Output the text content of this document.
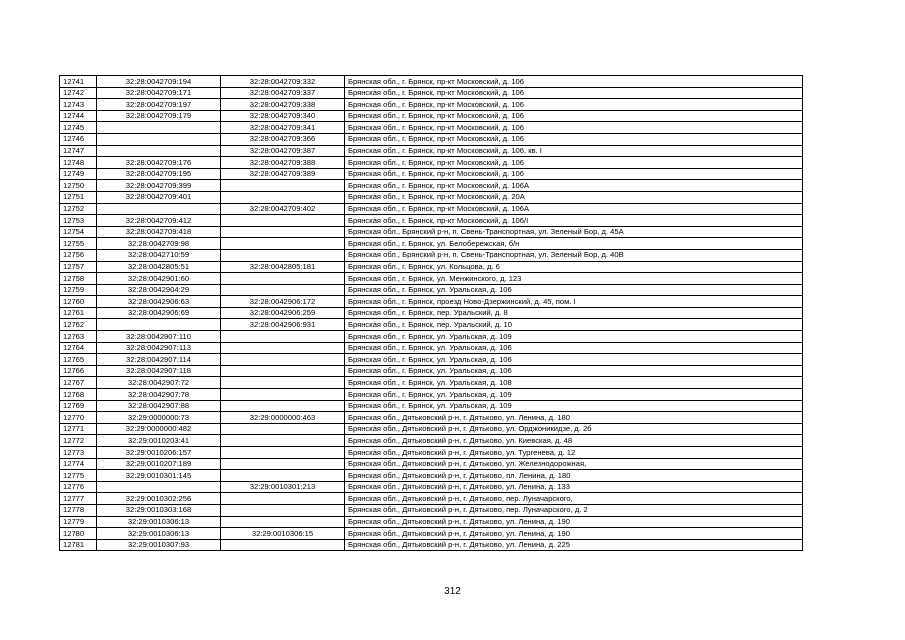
12741	32:28:0042709:194	32:28:0042709:332	Брянская обл., г. Брянск, пр-кт Московский, д. 106
12742	32:28:0042709:171	32:28:0042709:337	Брянская обл., г. Брянск, пр-кт Московский, д. 106
12743	32:28:0042709:197	32:28:0042709:338	Брянская обл., г. Брянск, пр-кт Московский, д. 106
12744	32:28:0042709:179	32:28:0042709:340	Брянская обл., г. Брянск, пр-кт Московский, д. 106
12745		32:28:0042709:341	Брянская обл., г. Брянск, пр-кт Московский, д. 106
12746		32:28:0042709:366	Брянская обл., г. Брянск, пр-кт Московский, д. 106
12747		32:28:0042709:387	Брянская обл., г. Брянск, пр-кт Московский, д. 106, кв. I
12748	32:28:0042709:176	32:28:0042709:388	Брянская обл., г. Брянск, пр-кт Московский, д. 106
12749	32:28:0042709:195	32:28:0042709:389	Брянская обл., г. Брянск, пр-кт Московский, д. 106
12750	32:28:0042709:399		Брянская обл., г. Брянск, пр-кт Московский, д. 106А
12751	32:28:0042709:401		Брянская обл., г. Брянск, пр-кт Московский, д. 20А
12752		32:28:0042709:402	Брянская обл., г. Брянск, пр-кт Московский, д. 106А
12753	32:28:0042709:412		Брянская обл., г. Брянск, пр-кт Московский, д. 106/I
12754	32:28:0042709:418		Брянская обл., Брянский р-н, п. Свень-Транспортная, ул. Зеленый Бор, д. 45А
12755	32:28:0042709:98		Брянская обл., г. Брянск, ул. Белобережская, б/н
12756	32:28:0042710:59		Брянская обл., Брянский р-н, п. Свень-Транспортная, ул. Зеленый Бор, д. 40В
12757	32:28:0042805:51	32:28:0042805:181	Брянская обл., г. Брянск, ул. Кольцова, д. 6
12758	32:28:0042901:60		Брянская обл., г. Брянск, ул. Менжинского, д. 123
12759	32:28:0042904:29		Брянская обл., г. Брянск, ул. Уральская, д. 106
12760	32:28:0042906:63	32:28:0042906:172	Брянская обл., г. Брянск, проезд Ново-Дзержинский, д. 45, пом. I
12761	32:28:0042906:69	32:28:0042906:259	Брянская обл., г. Брянск, пер. Уральский, д. 8
12762		32:28:0042906:931	Брянская обл., г. Брянск, пер. Уральский, д. 10
12763	32:28:0042907:110		Брянская обл., г. Брянск, ул. Уральская, д. 109
12764	32:28:0042907:113		Брянская обл., г. Брянск, ул. Уральская, д. 106
12765	32:28:0042907:114		Брянская обл., г. Брянск, ул. Уральская, д. 106
12766	32:28:0042907:118		Брянская обл., г. Брянск, ул. Уральская, д. 106
12767	32:28:0042907:72		Брянская обл., г. Брянск, ул. Уральская, д. 108
12768	32:28:0042907:78		Брянская обл., г. Брянск, ул. Уральская, д. 109
12769	32:28:0042907:88		Брянская обл., г. Брянск, ул. Уральская, д. 109
12770	32:29:0000000:73	32:29:0000000:463	Брянская обл., Дятьковский р-н, г. Дятьково, ул. Ленина, д. 180
12771	32:29:0000000:482		Брянская обл., Дятьковский р-н, г. Дятьково, ул. Орджоникидзе, д. 2б
12772	32:29:0010203:41		Брянская обл., Дятьковский р-н, г. Дятьково, ул. Киевская, д. 48
12773	32:29:0010206:157		Брянская обл., Дятьковский р-н, г. Дятьково, ул. Тургенева, д. 12
12774	32:29:0010207:189		Брянская обл., Дятьковский р-н, г. Дятьково, ул. Железнодорожная,
12775	32:29:0010301:145		Брянская обл., Дятьковский р-н, г. Дятьково, пл. Ленина, д. 180
12776		32:29:0010301:213	Брянская обл., Дятьковский р-н, г. Дятьково, ул. Ленина, д. 133
12777	32:29:0010302:256		Брянская обл., Дятьковский р-н, г. Дятьково, пер. Луначарского,
12778	32:29:0010303:168		Брянская обл., Дятьковский р-н, г. Дятьково, пер. Луначарского, д. 2
12779	32:29:0010306:13		Брянская обл., Дятьковский р-н, г. Дятьково, ул. Ленина, д. 190
12780	32:29:0010306:13	32:29:0010306:15	Брянская обл., Дятьковский р-н, г. Дятьково, ул. Ленина, д. 190
12781	32:29:0010307:93		Брянская обл., Дятьковский р-н, г. Дятьково, ул. Ленина, д. 225
312
